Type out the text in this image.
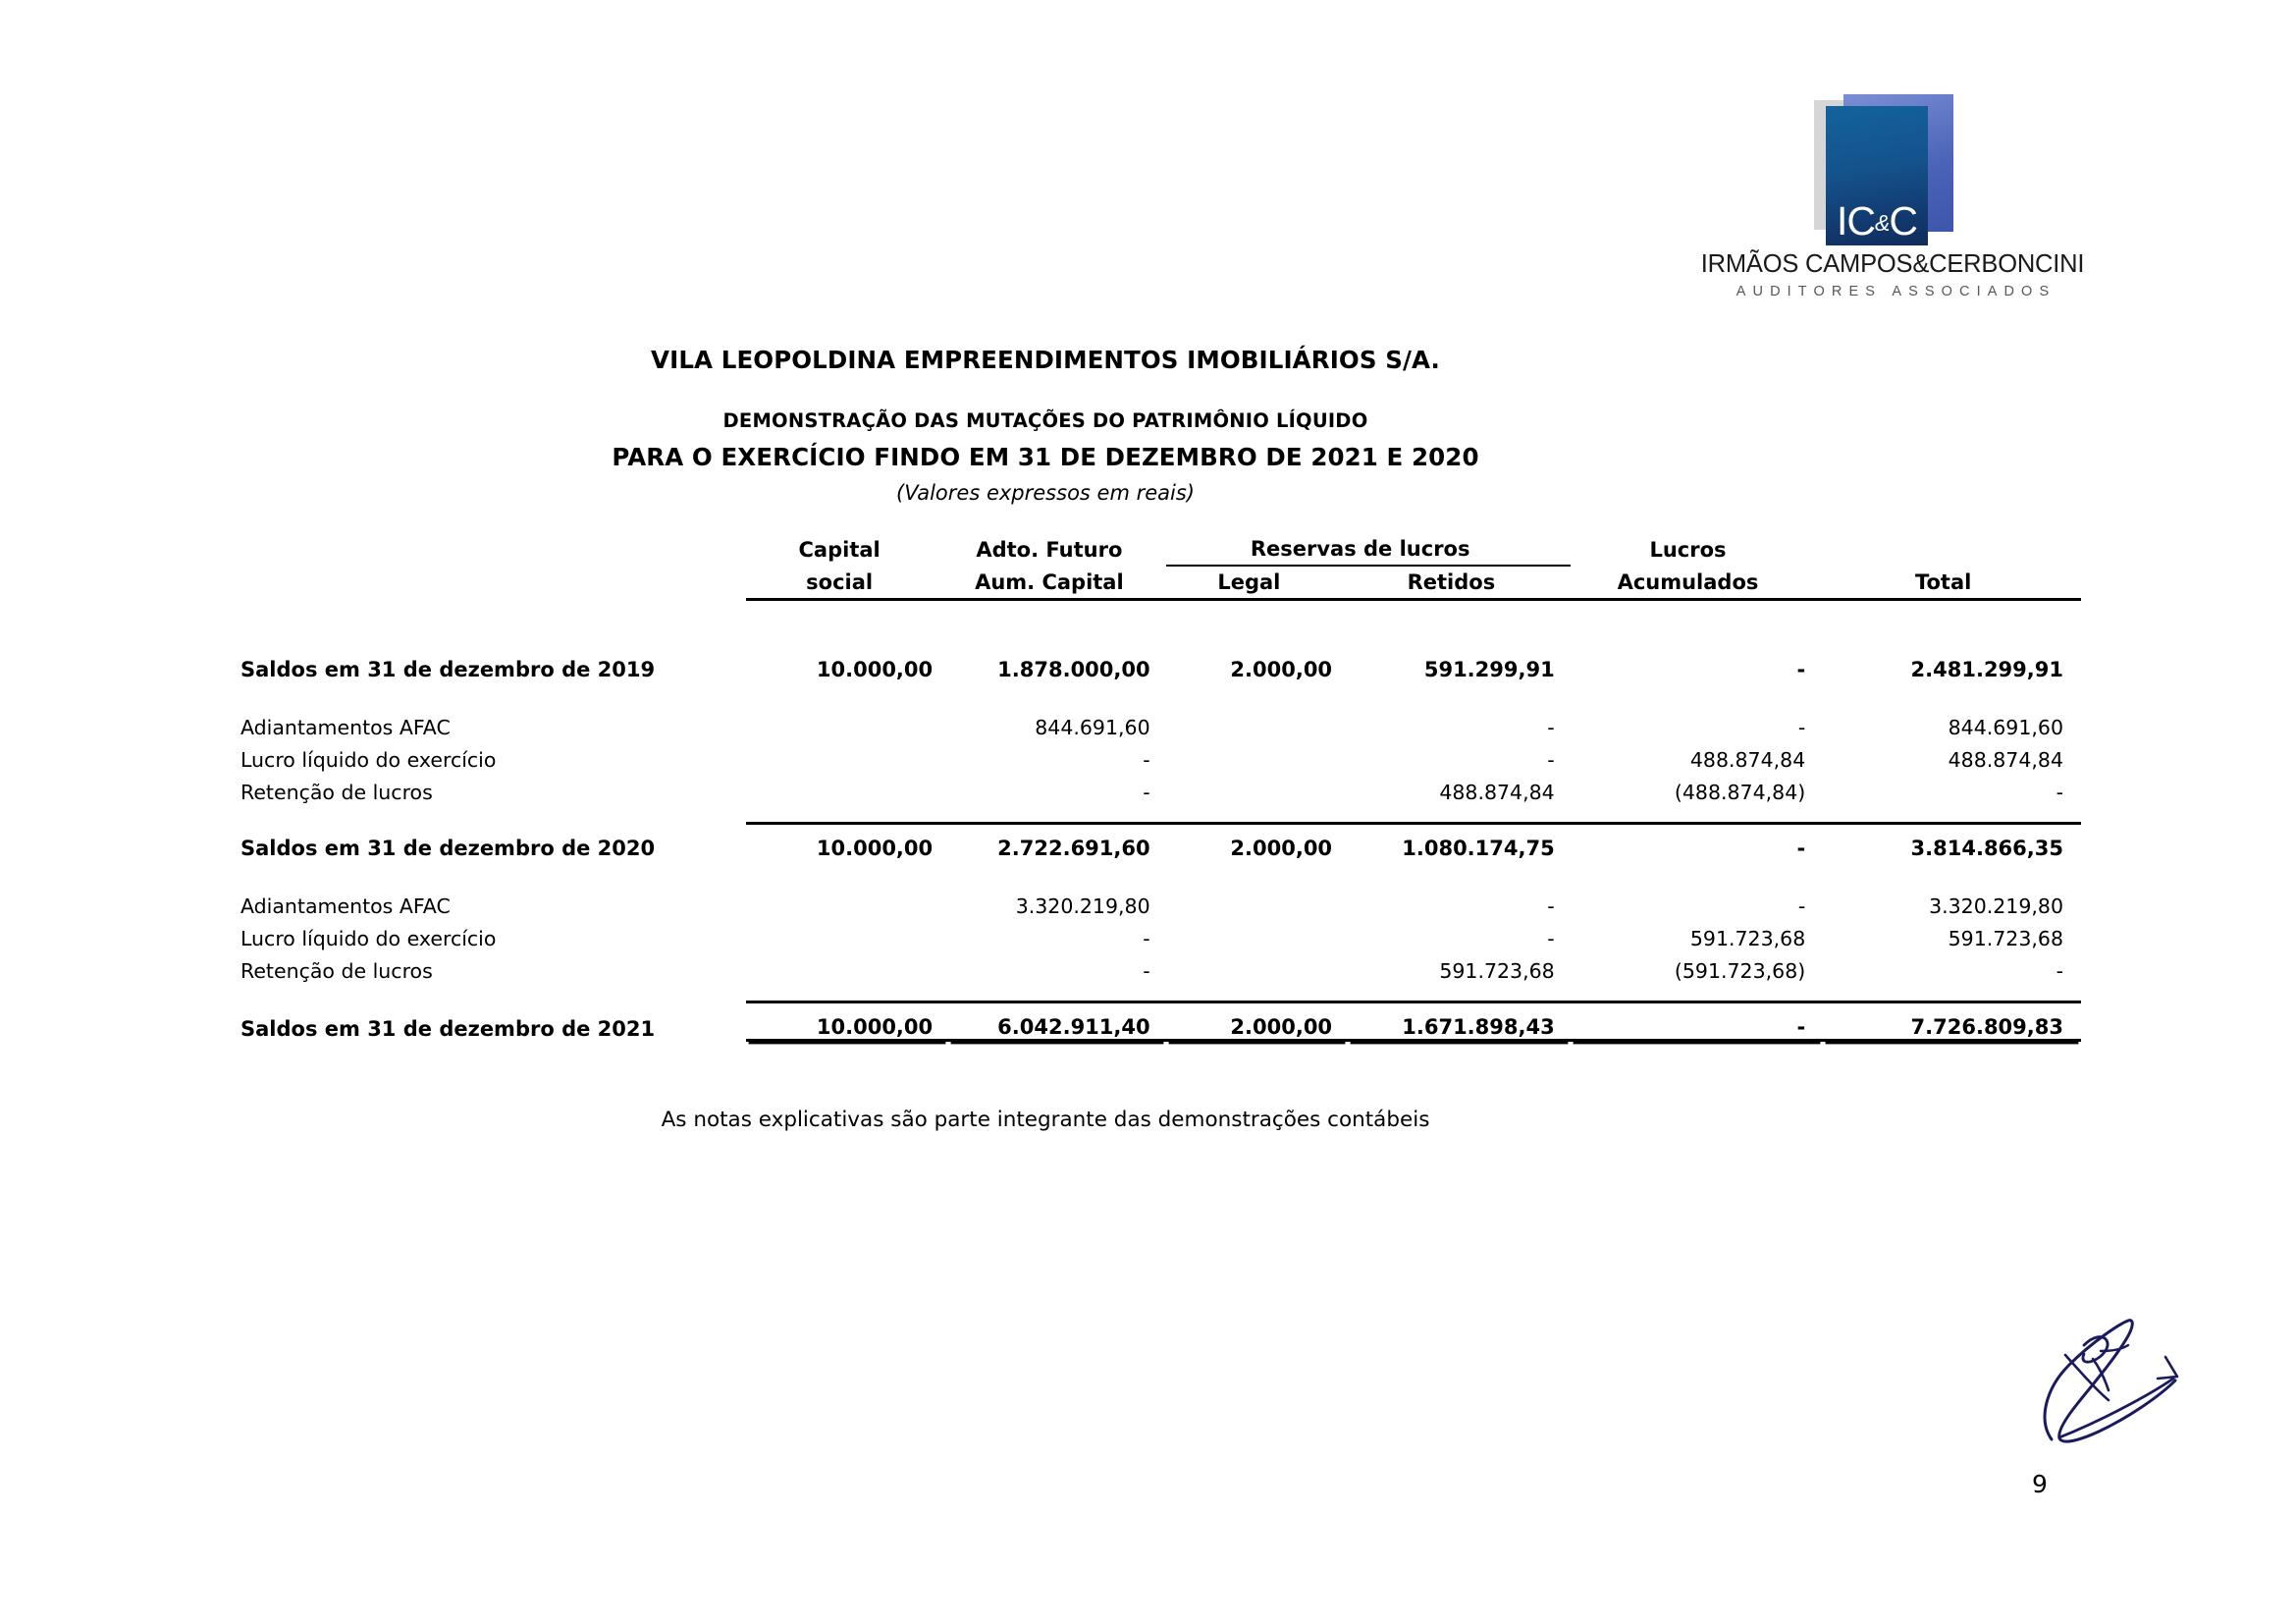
IC&C
IRMÃOS CAMPOS&CERBONCINI
AUDITORES ASSOCIADOS
VILA LEOPOLDINA EMPREENDIMENTOS IMOBILIÁRIOS S/A.
DEMONSTRAÇÃO DAS MUTAÇÕES DO PATRIMÔNIO LÍQUIDO
PARA O EXERCÍCIO FINDO EM 31 DE DEZEMBRO DE 2021 E 2020
(Valores expressos em reais)
	Capital	Adto. Futuro	Reservas de lucros		Lucros	
	social	Aum. Capital	Legal	Retidos	Acumulados	Total

Saldos em 31 de dezembro de 2019	10.000,00	1.878.000,00	2.000,00	591.299,91	-	2.481.299,91

Adiantamentos AFAC		844.691,60		-	-	844.691,60
Lucro líquido do exercício		-		-	488.874,84	488.874,84
Retenção de lucros		-		488.874,84	(488.874,84)	-

Saldos em 31 de dezembro de 2020	10.000,00	2.722.691,60	2.000,00	1.080.174,75	-	3.814.866,35

Adiantamentos AFAC		3.320.219,80		-	-	3.320.219,80
Lucro líquido do exercício		-		-	591.723,68	591.723,68
Retenção de lucros		-		591.723,68	(591.723,68)	-

Saldos em 31 de dezembro de 2021	10.000,00	6.042.911,40	2.000,00	1.671.898,43	-	7.726.809,83
As notas explicativas são parte integrante das demonstrações contábeis
9
